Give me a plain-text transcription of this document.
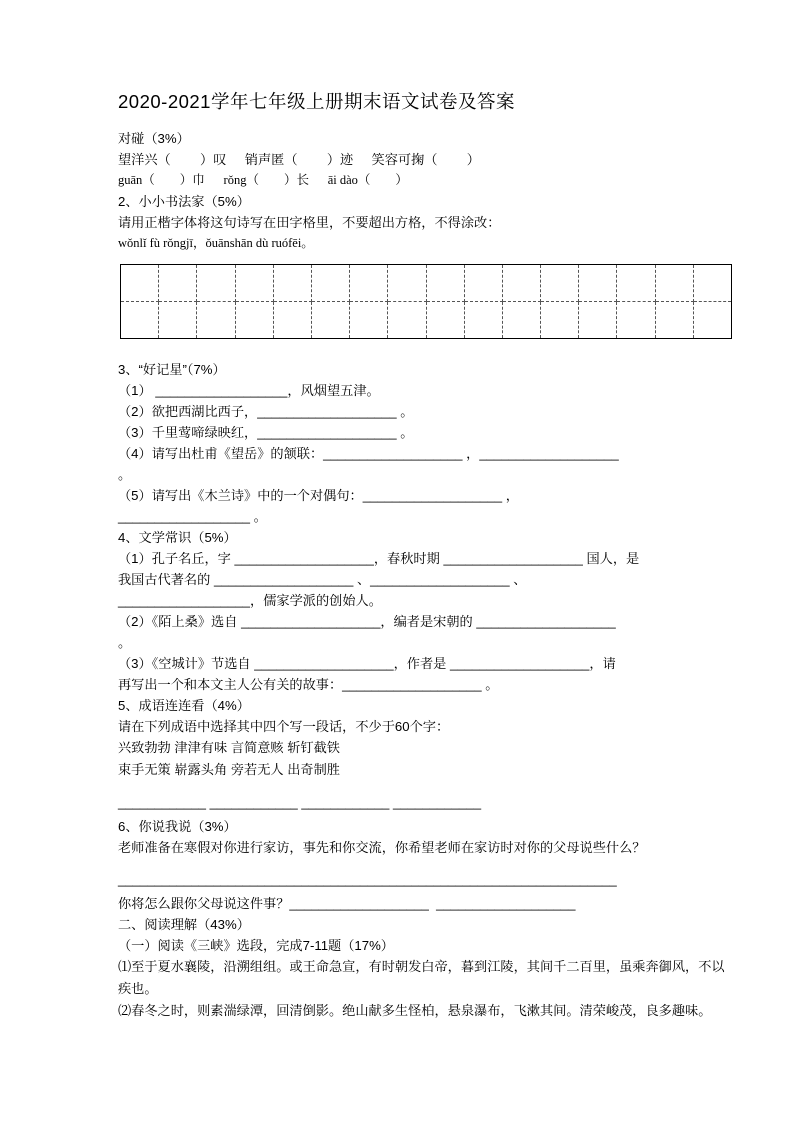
2020-2021学年七年级上册期末语文试卷及答案
对碰（3%）
望洋兴（        ）叹     销声匿（        ）迹     笑容可掬（        ）
guān（        ）巾      rǒng（        ）长      āi dào（        ）
2、小小书法家（5%）
请用正楷字体将这句诗写在田字格里，不要超出方格，不得涂改：
wǒnlǐ fù rǒngjī，ǒuānshān dù ruófēi。

3、“好记星”（7%）
（1） __________________，风烟望五津。
（2）欲把西湖比西子，___________________ 。
（3）千里莺啼绿映红，___________________ 。
（4）请写出杜甫《望岳》的颔联：___________________ ，___________________
。
（5）请写出《木兰诗》中的一个对偶句：___________________ ，
__________________ 。
4、文学常识（5%）
（1）孔子名丘，字 ___________________，春秋时期 ___________________ 国人，是
我国古代著名的 ___________________ 、___________________ 、
__________________，儒家学派的创始人。
（2）《陌上桑》选自 ___________________，编者是宋朝的 ___________________
。
（3）《空城计》节选自 ___________________，作者是 ___________________，请
再写出一个和本文主人公有关的故事：___________________ 。
5、成语连连看（4%）
请在下列成语中选择其中四个写一段话，不少于60个字：
兴致勃勃 津津有味 言简意赅 斩钉截铁
束手无策 崭露头角 旁若无人 出奇制胜
____________ ____________ ____________ ____________
6、你说我说（3%）
老师准备在寒假对你进行家访，事先和你交流，你希望老师在家访时对你的父母说些什么？
____________________________________________________________________
你将怎么跟你父母说这件事？___________________  ___________________
二、阅读理解（43%）
（一）阅读《三峡》选段，完成7-11题（17%）
⑴至于夏水襄陵，沿溯组组。或王命急宣，有时朝发白帝，暮到江陵，其间千二百里，虽乘奔御风，不以疾也。
⑵春冬之时，则素湍绿潭，回清倒影。绝山献多生怪柏，悬泉瀑布，飞漱其间。清荣峻茂，良多趣味。
